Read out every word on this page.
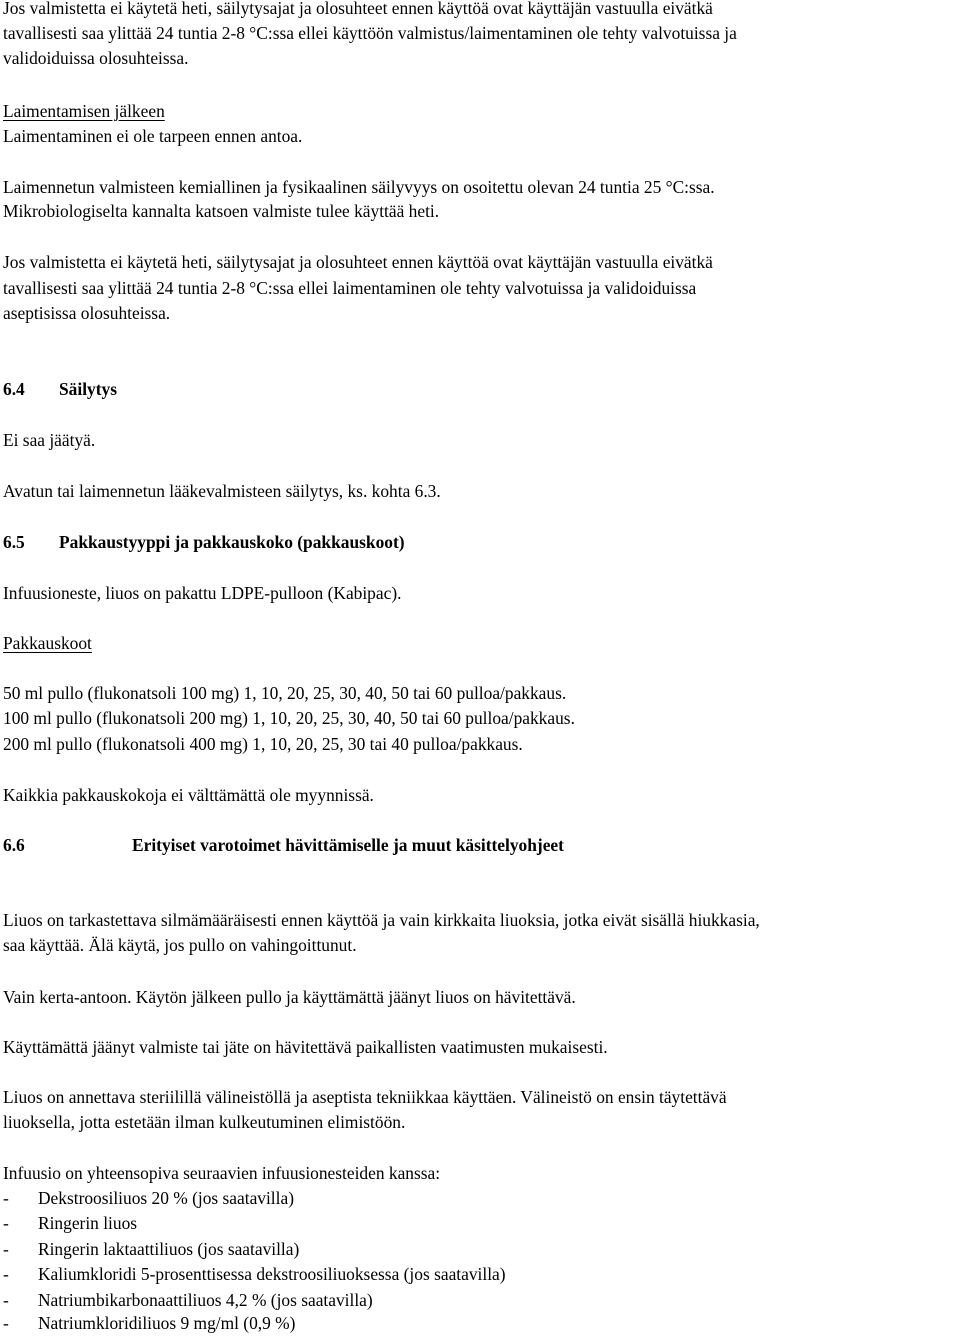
Jos valmistetta ei käytetä heti, säilytysajat ja olosuhteet ennen käyttöä ovat käyttäjän vastuulla eivätkä
tavallisesti saa ylittää 24 tuntia 2-8 °C:ssa ellei käyttöön valmistus/laimentaminen ole tehty valvotuissa ja
validoiduissa olosuhteissa.
Laimentamisen jälkeen
Laimentaminen ei ole tarpeen ennen antoa.
Laimennetun valmisteen kemiallinen ja fysikaalinen säilyvyys on osoitettu olevan 24 tuntia 25 °C:ssa.
Mikrobiologiselta kannalta katsoen valmiste tulee käyttää heti.
Jos valmistetta ei käytetä heti, säilytysajat ja olosuhteet ennen käyttöä ovat käyttäjän vastuulla eivätkä
tavallisesti saa ylittää 24 tuntia 2-8 °C:ssa ellei laimentaminen ole tehty valvotuissa ja validoiduissa
aseptisissa olosuhteissa.
6.4 Säilytys
Ei saa jäätyä.
Avatun tai laimennetun lääkevalmisteen säilytys, ks. kohta 6.3.
6.5 Pakkaustyyppi ja pakkauskoko (pakkauskoot)
Infuusioneste, liuos on pakattu LDPE-pulloon (Kabipac).
Pakkauskoot
50 ml pullo (flukonatsoli 100 mg) 1, 10, 20, 25, 30, 40, 50 tai 60 pulloa/pakkaus.
100 ml pullo (flukonatsoli 200 mg) 1, 10, 20, 25, 30, 40, 50 tai 60 pulloa/pakkaus.
200 ml pullo (flukonatsoli 400 mg) 1, 10, 20, 25, 30 tai 40 pulloa/pakkaus.
Kaikkia pakkauskokoja ei välttämättä ole myynnissä.
6.6	Erityiset varotoimet hävittämiselle ja muut käsittelyohjeet
Liuos on tarkastettava silmämääräisesti ennen käyttöä ja vain kirkkaita liuoksia, jotka eivät sisällä hiukkasia,
saa käyttää. Älä käytä, jos pullo on vahingoittunut.
Vain kerta-antoon. Käytön jälkeen pullo ja käyttämättä jäänyt liuos on hävitettävä.
Käyttämättä jäänyt valmiste tai jäte on hävitettävä paikallisten vaatimusten mukaisesti.
Liuos on annettava steriilillä välineistöllä ja aseptista tekniikkaa käyttäen. Välineistö on ensin täytettävä
liuoksella, jotta estetään ilman kulkeutuminen elimistöön.
Infuusio on yhteensopiva seuraavien infuusionesteiden kanssa:
- Dekstroosiliuos 20 % (jos saatavilla)
- Ringerin liuos
- Ringerin laktaattiliuos (jos saatavilla)
- Kaliumkloridi 5-prosenttisessa dekstroosiliuoksessa (jos saatavilla)
- Natriumbikarbonaattiliuos 4,2 % (jos saatavilla)
- Natriumkloridiliuos 9 mg/ml (0,9 %)
